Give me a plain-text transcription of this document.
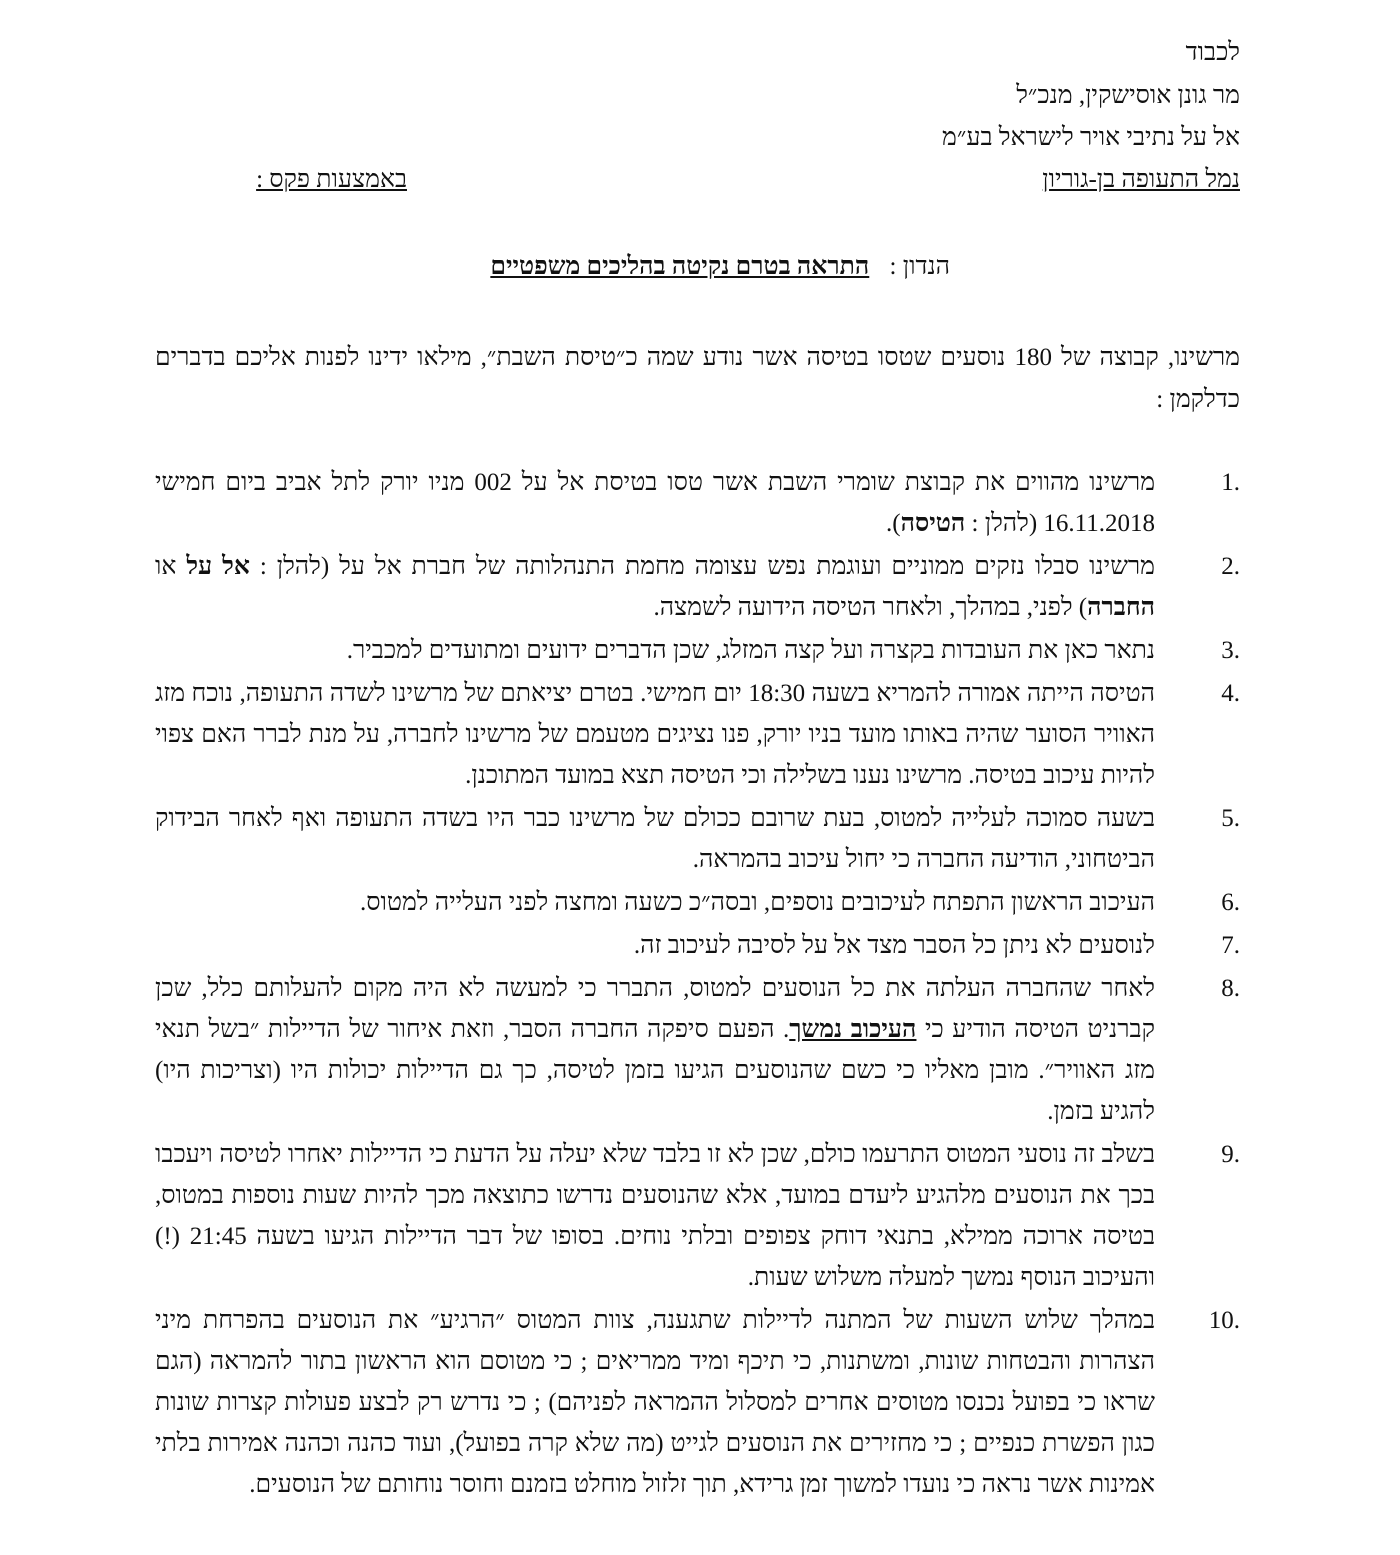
לכבוד
מר גונן אוסישקין, מנכ״ל
אל על נתיבי אויר לישראל בע״מ
נמל התעופה בן-גוריון
באמצעות פקס :
הנדון : התראה בטרם נקיטה בהליכים משפטיים
מרשינו, קבוצה של 180 נוסעים שטסו בטיסה אשר נודע שמה כ״טיסת השבת״, מילאו ידינו לפנות אליכם בדברים כדלקמן :
1.
מרשינו מהווים את קבוצת שומרי השבת אשר טסו בטיסת אל על 002 מניו יורק לתל אביב ביום חמישי 16.11.2018 (להלן : הטיסה).
2.
מרשינו סבלו נזקים ממוניים ועוגמת נפש עצומה מחמת התנהלותה של חברת אל על (להלן : אל על או החברה) לפני, במהלך, ולאחר הטיסה הידועה לשמצה.
3.
נתאר כאן את העובדות בקצרה ועל קצה המזלג, שכן הדברים ידועים ומתועדים למכביר.
4.
הטיסה הייתה אמורה להמריא בשעה 18:30 יום חמישי. בטרם יציאתם של מרשינו לשדה התעופה, נוכח מזג האוויר הסוער שהיה באותו מועד בניו יורק, פנו נציגים מטעמם של מרשינו לחברה, על מנת לברר האם צפוי להיות עיכוב בטיסה. מרשינו נענו בשלילה וכי הטיסה תצא במועד המתוכנן.
5.
בשעה סמוכה לעלייה למטוס, בעת שרובם ככולם של מרשינו כבר היו בשדה התעופה ואף לאחר הבידוק הביטחוני, הודיעה החברה כי יחול עיכוב בהמראה.
6.
העיכוב הראשון התפתח לעיכובים נוספים, ובסה״כ כשעה ומחצה לפני העלייה למטוס.
7.
לנוסעים לא ניתן כל הסבר מצד אל על לסיבה לעיכוב זה.
8.
לאחר שהחברה העלתה את כל הנוסעים למטוס, התברר כי למעשה לא היה מקום להעלותם כלל, שכן קברניט הטיסה הודיע כי העיכוב נמשך. הפעם סיפקה החברה הסבר, וזאת איחור של הדיילות ״בשל תנאי מזג האוויר״. מובן מאליו כי כשם שהנוסעים הגיעו בזמן לטיסה, כך גם הדיילות יכולות היו (וצריכות היו) להגיע בזמן.
9.
בשלב זה נוסעי המטוס התרעמו כולם, שכן לא זו בלבד שלא יעלה על הדעת כי הדיילות יאחרו לטיסה ויעכבו בכך את הנוסעים מלהגיע ליעדם במועד, אלא שהנוסעים נדרשו כתוצאה מכך להיות שעות נוספות במטוס, בטיסה ארוכה ממילא, בתנאי דוחק צפופים ובלתי נוחים. בסופו של דבר הדיילות הגיעו בשעה 21:45 (!) והעיכוב הנוסף נמשך למעלה משלוש שעות.
10.
במהלך שלוש השעות של המתנה לדיילות שתגענה, צוות המטוס ״הרגיע״ את הנוסעים בהפרחת מיני הצהרות והבטחות שונות, ומשתנות, כי תיכף ומיד ממריאים ; כי מטוסם הוא הראשון בתור להמראה (הגם שראו כי בפועל נכנסו מטוסים אחרים למסלול ההמראה לפניהם) ; כי נדרש רק לבצע פעולות קצרות שונות כגון הפשרת כנפיים ; כי מחזירים את הנוסעים לגייט (מה שלא קרה בפועל), ועוד כהנה וכהנה אמירות בלתי אמינות אשר נראה כי נועדו למשוך זמן גרידא, תוך זלזול מוחלט בזמנם וחוסר נוחותם של הנוסעים.
